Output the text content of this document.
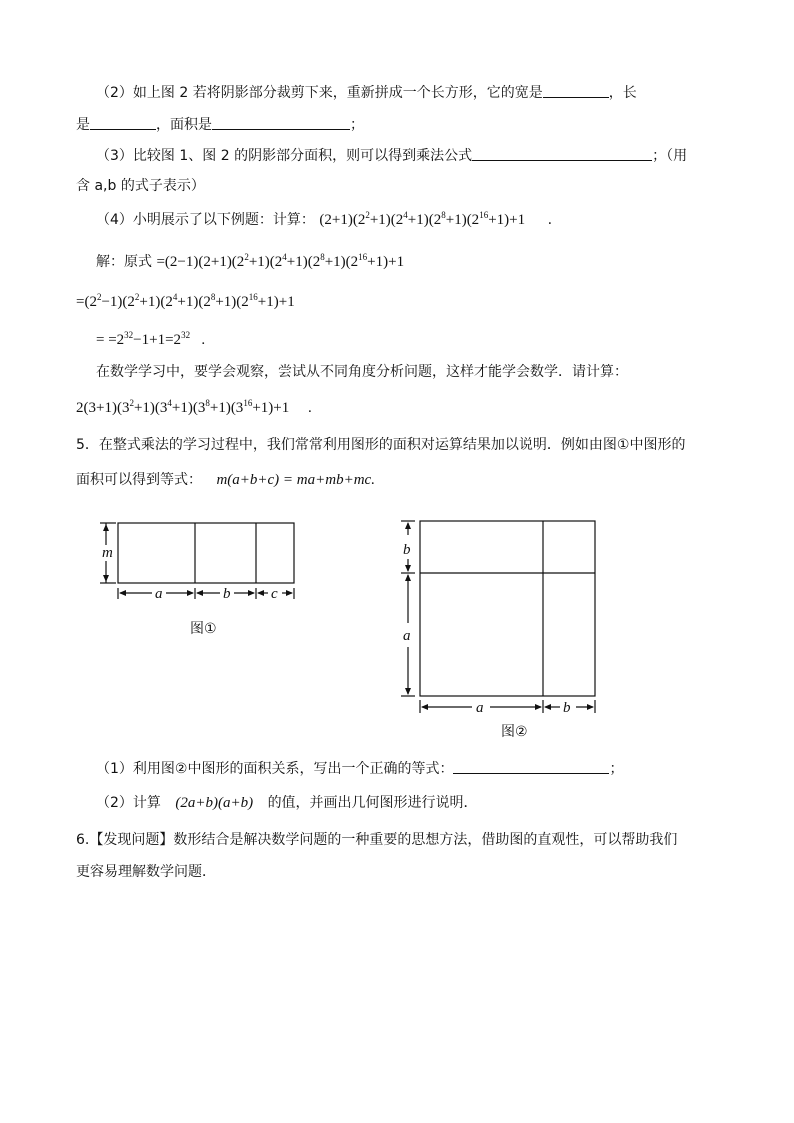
（2）如上图 2 若将阴影部分裁剪下来，重新拼成一个长方形，它的宽是	，长
是	，面积是	；
（3）比较图 1、图 2 的阴影部分面积，则可以得到乘法公式	；（用
含 a,b 的式子表示）
（4）小明展示了以下例题：计算： $(2+1)(2^2+1)(2^4+1)(2^8+1)(2^{16}+1)+1$ .
解：原式 $=(2-1)(2+1)(2^2+1)(2^4+1)(2^8+1)(2^{16}+1)+1$
$=(2^2-1)(2^2+1)(2^4+1)(2^8+1)(2^{16}+1)+1$
= $=2^{32}-1+1=2^{32}$   .
在数学学习中，要学会观察，尝试从不同角度分析问题，这样才能学会数学．请计算：
$2(3+1)(3^2+1)(3^4+1)(3^8+1)(3^{16}+1)+1$     .
5．在整式乘法的学习过程中，我们常常利用图形的面积对运算结果加以说明．例如由图①中图形的
面积可以得到等式： m(a+b+c) = ma+mb+mc.
m
a	b	c
图①
b
a
a	b
图②
（1）利用图②中图形的面积关系，写出一个正确的等式：	；
（2）计算 (2a+b)(a+b) 的值，并画出几何图形进行说明．
6.【发现问题】数形结合是解决数学问题的一种重要的思想方法，借助图的直观性，可以帮助我们
更容易理解数学问题．
